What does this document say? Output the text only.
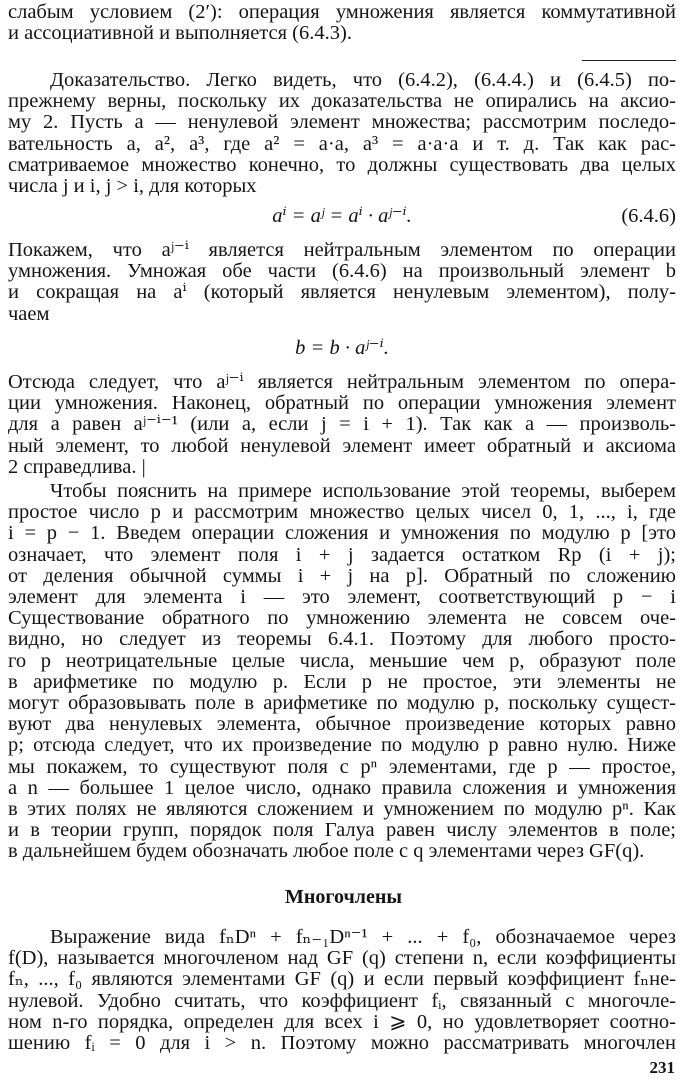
слабым условием (2′): операция умножения является коммутативной
и ассоциативной и выполняется (6.4.3).
Доказательство. Легко видеть, что (6.4.2), (6.4.4.) и (6.4.5) по-
прежнему верны, поскольку их доказательства не опирались на аксио-
му 2. Пусть a — ненулевой элемент множества; рассмотрим последо-
вательность a, a², a³, где a² = a·a, a³ = a·a·a и т. д. Так как рас-
сматриваемое множество конечно, то должны существовать два целых
числа j и i, j > i, для которых
aⁱ = aʲ = aⁱ · aʲ⁻ⁱ.	(6.4.6)
Покажем, что aʲ⁻ⁱ является нейтральным элементом по операции
умножения. Умножая обе части (6.4.6) на произвольный элемент b
и сокращая на aⁱ (который является ненулевым элементом), полу-
чаем
b = b · aʲ⁻ⁱ.
Отсюда следует, что aʲ⁻ⁱ является нейтральным элементом по опера-
ции умножения. Наконец, обратный по операции умножения элемент
для a равен aʲ⁻ⁱ⁻¹ (или a, если j = i + 1). Так как a — произволь-
ный элемент, то любой ненулевой элемент имеет обратный и аксиома
2 справедлива. |
Чтобы пояснить на примере использование этой теоремы, выберем
простое число p и рассмотрим множество целых чисел 0, 1, ..., i, где
i = p − 1. Введем операции сложения и умножения по модулю p [это
означает, что элемент поля i + j задается остатком Rp (i + j);
от деления обычной суммы i + j на p]. Обратный по сложению
элемент для элемента i — это элемент, соответствующий p − i
Существование обратного по умножению элемента не совсем оче-
видно, но следует из теоремы 6.4.1. Поэтому для любого просто-
го p неотрицательные целые числа, меньшие чем p, образуют поле
в арифметике по модулю p. Если p не простое, эти элементы не
могут образовывать поле в арифметике по модулю p, поскольку сущест-
вуют два ненулевых элемента, обычное произведение которых равно
p; отсюда следует, что их произведение по модулю p равно нулю. Ниже
мы покажем, то существуют поля с pⁿ элементами, где p — простое,
а n — большее 1 целое число, однако правила сложения и умножения
в этих полях не являются сложением и умножением по модулю pⁿ. Как
и в теории групп, порядок поля Галуа равен числу элементов в поле;
в дальнейшем будем обозначать любое поле с q элементами через GF(q).
Многочлены
Выражение вида fₙDⁿ + fₙ₋₁Dⁿ⁻¹ + ... + f₀, обозначаемое через
f(D), называется многочленом над GF (q) степени n, если коэффициенты
fₙ, ..., f₀ являются элементами GF (q) и если первый коэффициент fₙне-
нулевой. Удобно считать, что коэффициент fᵢ, связанный с многочле-
ном n-го порядка, определен для всех i ⩾ 0, но удовлетворяет соотно-
шению fᵢ = 0 для i > n. Поэтому можно рассматривать многочлен
231
